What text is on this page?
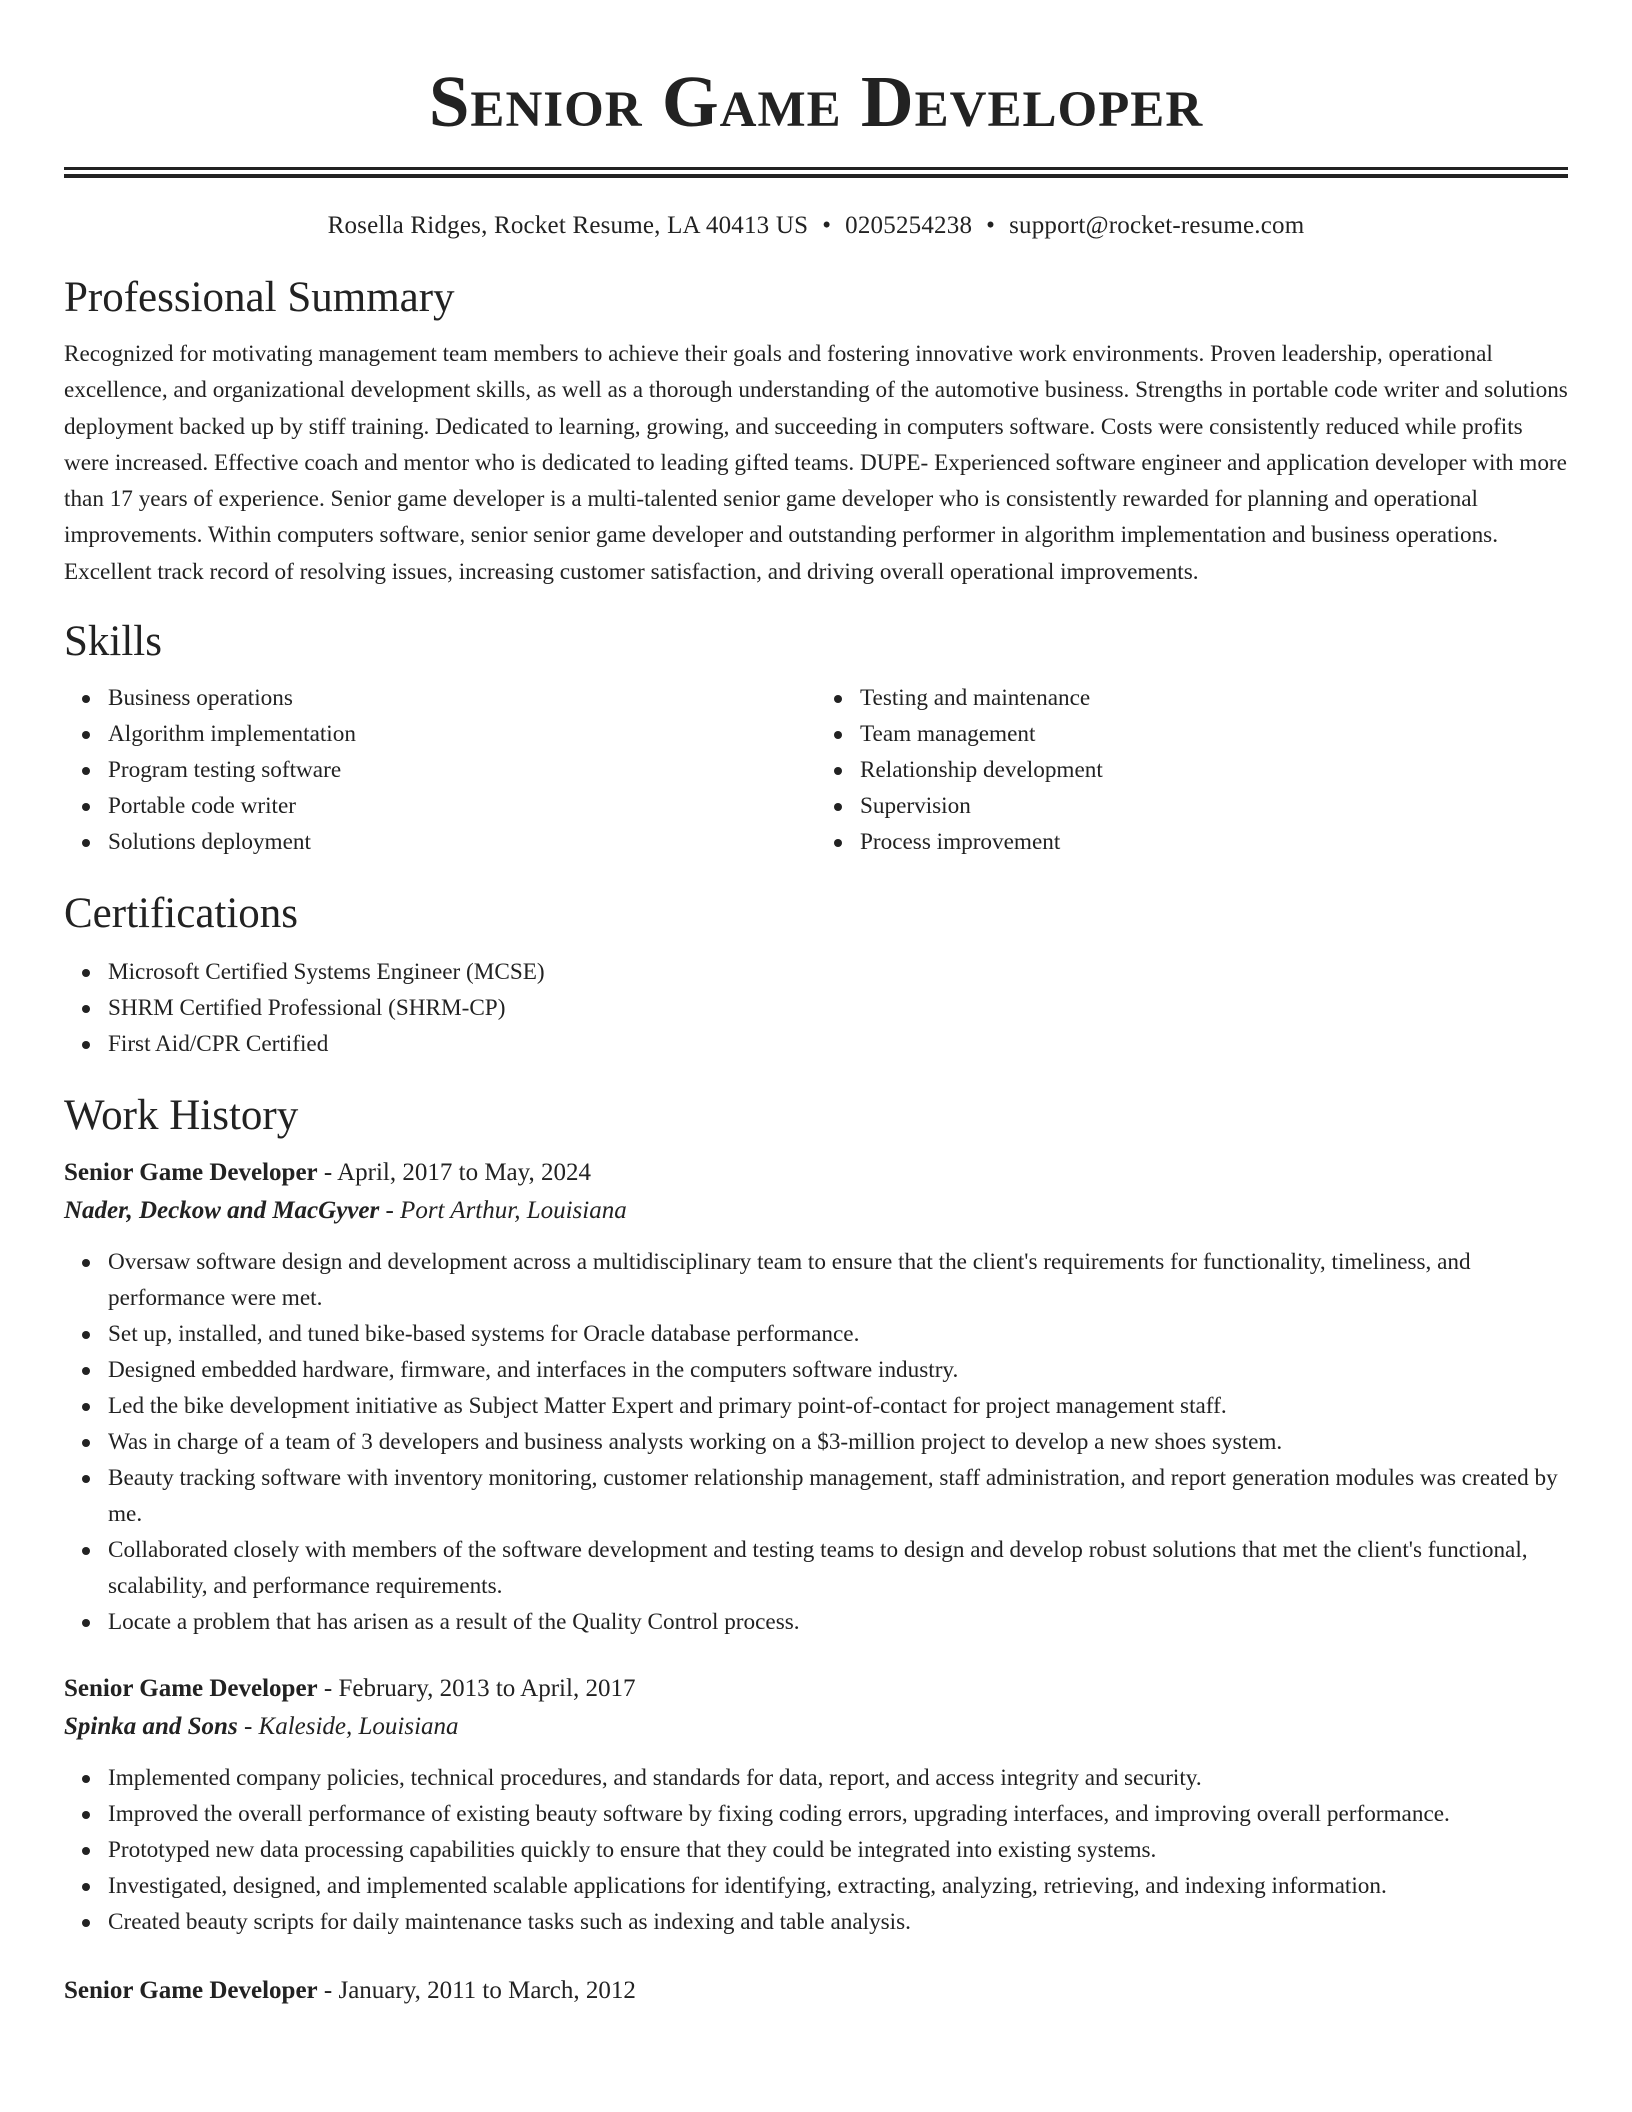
Senior Game Developer
Rosella Ridges, Rocket Resume, LA 40413 US • 0205254238 • support@rocket-resume.com
Professional Summary

Recognized for motivating management team members to achieve their goals and fostering innovative work environments. Proven leadership, operational excellence, and organizational development skills, as well as a thorough understanding of the automotive business. Strengths in portable code writer and solutions deployment backed up by stiff training. Dedicated to learning, growing, and succeeding in computers software. Costs were consistently reduced while profits were increased. Effective coach and mentor who is dedicated to leading gifted teams. DUPE- Experienced software engineer and application developer with more than 17 years of experience. Senior game developer is a multi-talented senior game developer who is consistently rewarded for planning and operational improvements. Within computers software, senior senior game developer and outstanding performer in algorithm implementation and business operations. Excellent track record of resolving issues, increasing customer satisfaction, and driving overall operational improvements.

Skills
Business operations
Algorithm implementation
Program testing software
Portable code writer
Solutions deployment
Testing and maintenance
Team management
Relationship development
Supervision
Process improvement
Certifications
Microsoft Certified Systems Engineer (MCSE)
SHRM Certified Professional (SHRM-CP)
First Aid/CPR Certified
Work History
Senior Game Developer - April, 2017 to May, 2024
Nader, Deckow and MacGyver - Port Arthur, Louisiana
Oversaw software design and development across a multidisciplinary team to ensure that the client's requirements for functionality, timeliness, and performance were met.
Set up, installed, and tuned bike-based systems for Oracle database performance.
Designed embedded hardware, firmware, and interfaces in the computers software industry.
Led the bike development initiative as Subject Matter Expert and primary point-of-contact for project management staff.
Was in charge of a team of 3 developers and business analysts working on a $3-million project to develop a new shoes system.
Beauty tracking software with inventory monitoring, customer relationship management, staff administration, and report generation modules was created by me.
Collaborated closely with members of the software development and testing teams to design and develop robust solutions that met the client's functional, scalability, and performance requirements.
Locate a problem that has arisen as a result of the Quality Control process.
Senior Game Developer - February, 2013 to April, 2017
Spinka and Sons - Kaleside, Louisiana
Implemented company policies, technical procedures, and standards for data, report, and access integrity and security.
Improved the overall performance of existing beauty software by fixing coding errors, upgrading interfaces, and improving overall performance.
Prototyped new data processing capabilities quickly to ensure that they could be integrated into existing systems.
Investigated, designed, and implemented scalable applications for identifying, extracting, analyzing, retrieving, and indexing information.
Created beauty scripts for daily maintenance tasks such as indexing and table analysis.
Senior Game Developer - January, 2011 to March, 2012
